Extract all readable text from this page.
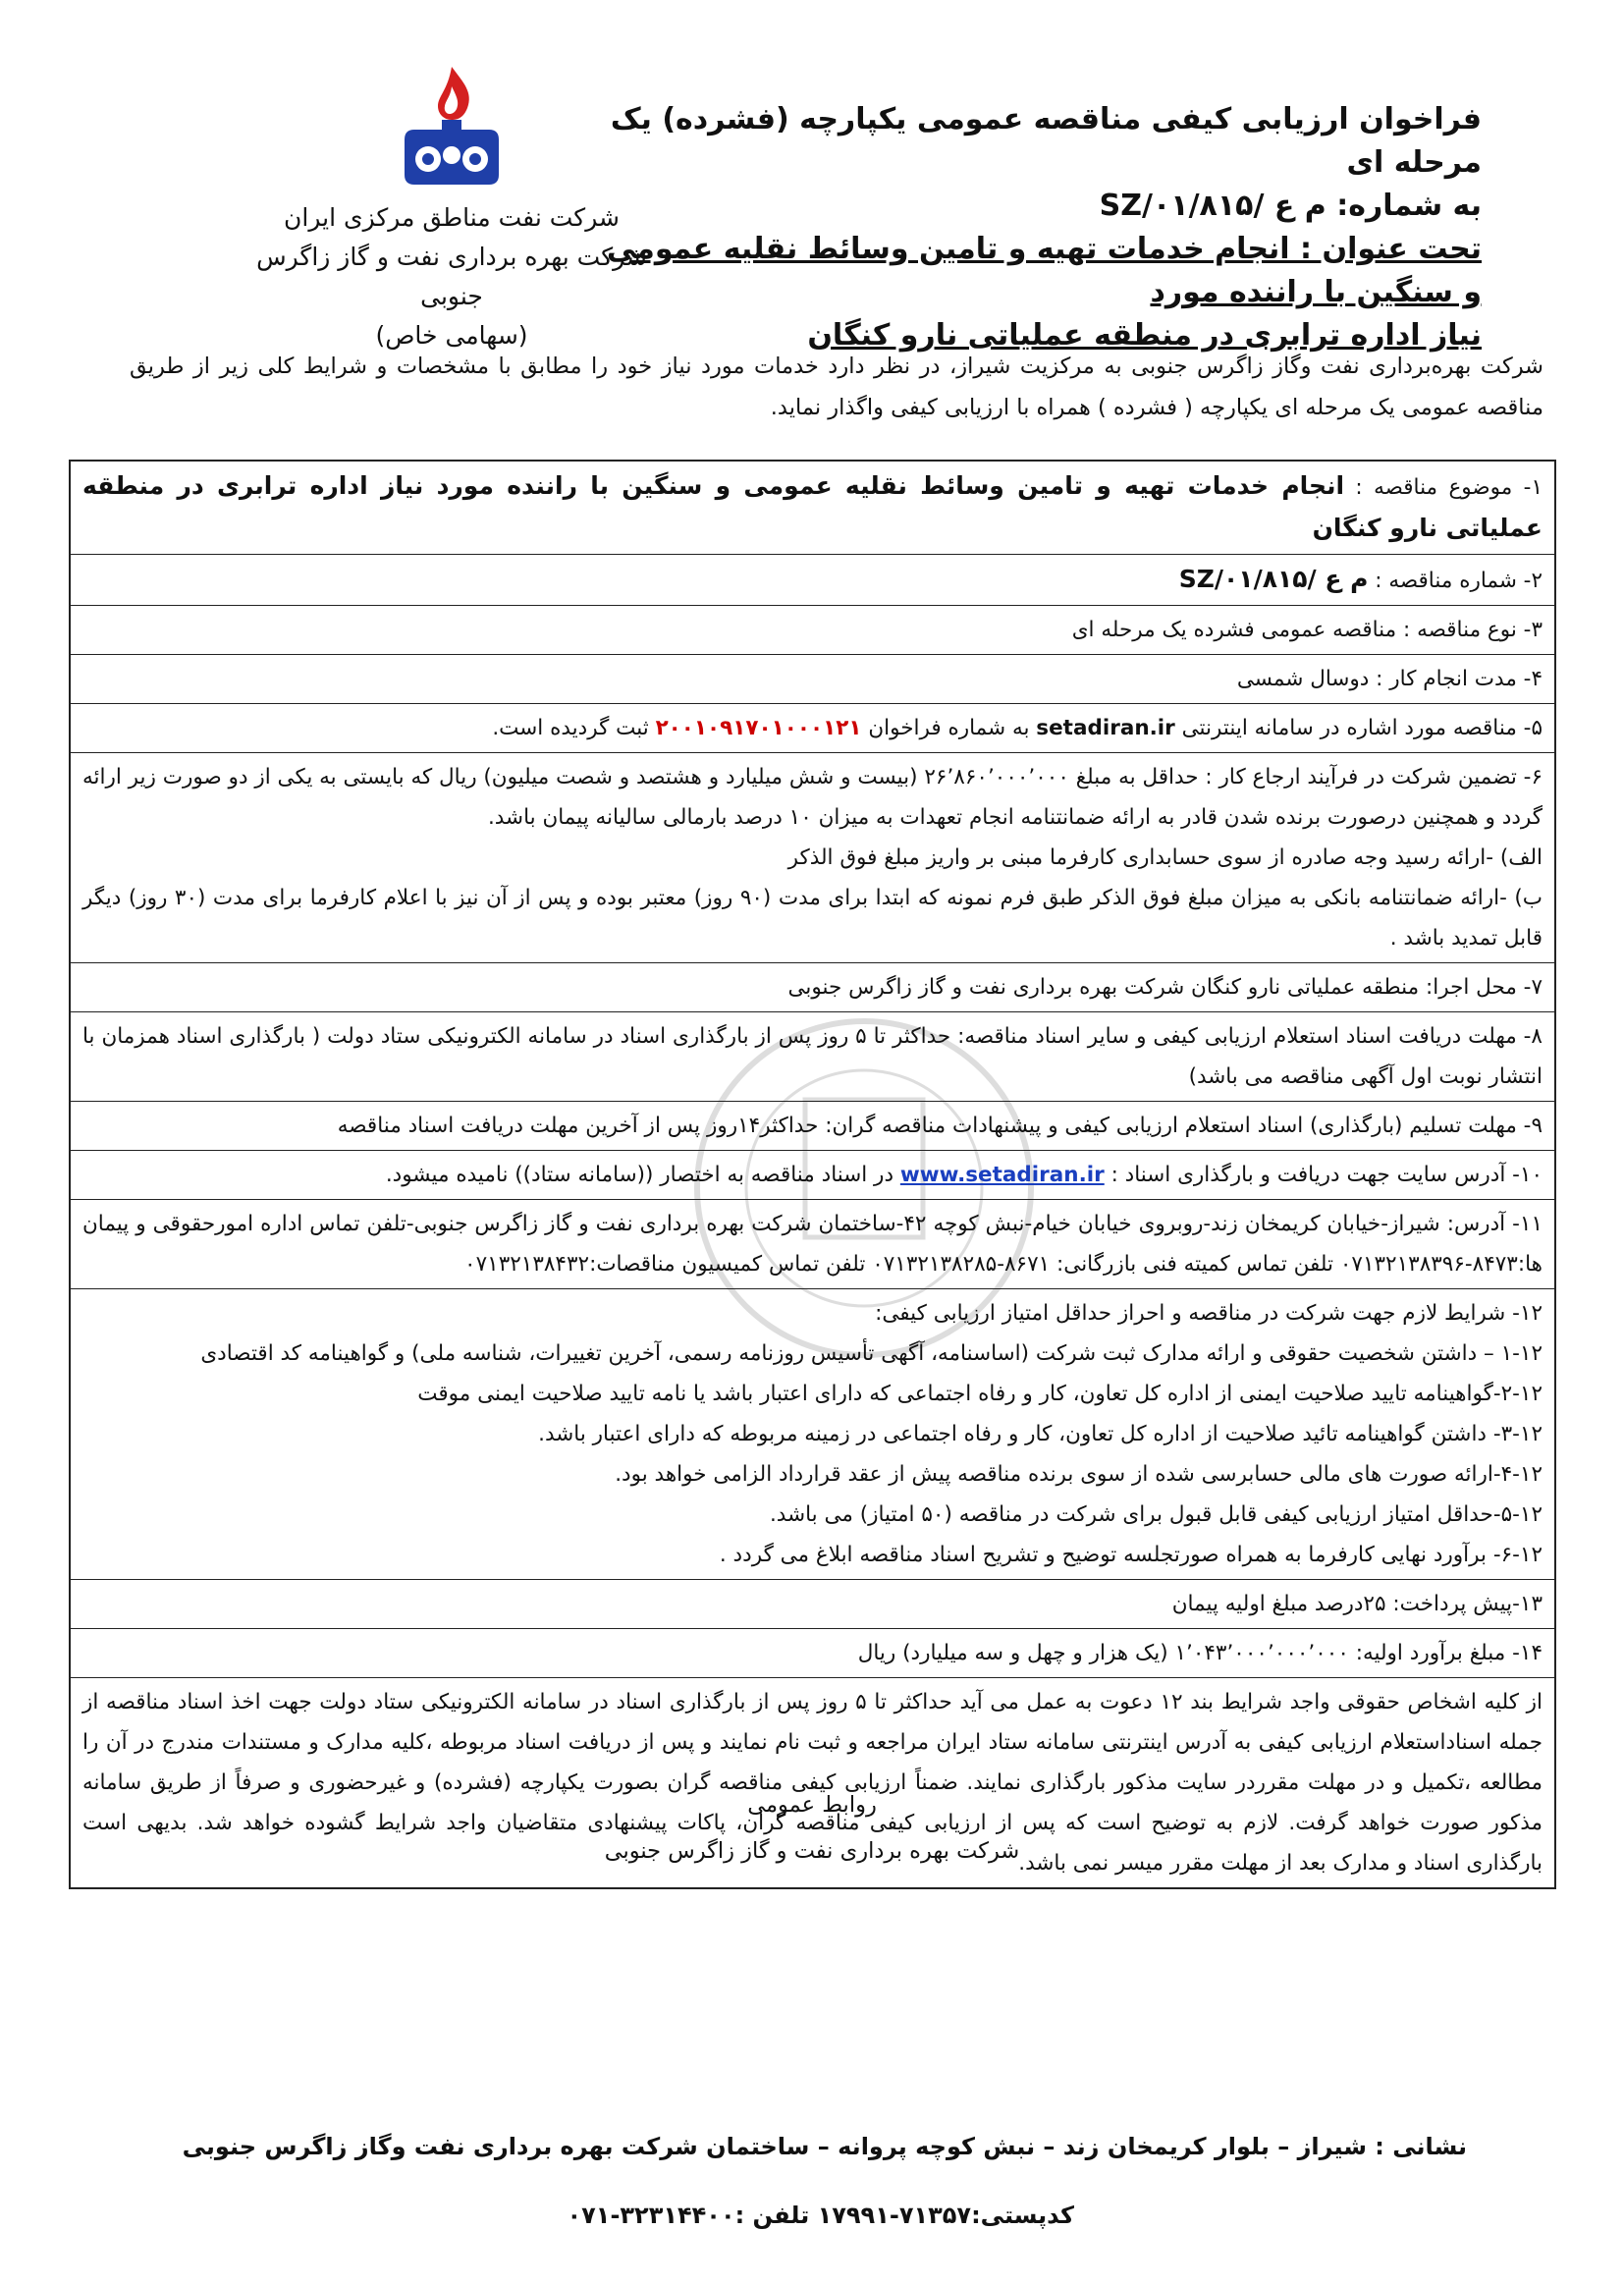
فراخوان ارزیابی کیفی مناقصه عمومی یکپارچه (فشرده) یک مرحله ای
به شماره: م ع /SZ/۰۱/۸۱۵
تحت عنوان : انجام خدمات تهیه و تامین وسائط نقلیه عمومی و سنگین با راننده مورد
نیاز اداره ترابری در منطقه عملیاتی نارو کنگان
شرکت نفت مناطق مرکزی ایران
شرکت بهره برداری نفت و گاز زاگرس جنوبی
(سهامی خاص)
شرکت بهره‌برداری نفت وگاز زاگرس جنوبی به مرکزیت شیراز، در نظر دارد خدمات مورد نیاز خود را مطابق با مشخصات و شرایط کلی زیر از طریق مناقصه عمومی یک مرحله ای یکپارچه ( فشرده ) همراه با ارزیابی کیفی واگذار نماید.
۱- موضوع مناقصه : انجام خدمات تهیه و تامین وسائط نقلیه عمومی و سنگین با راننده مورد نیاز اداره ترابری در منطقه عملیاتی نارو کنگان
۲- شماره مناقصه : م ع /SZ/۰۱/۸۱۵
۳- نوع مناقصه : مناقصه عمومی فشرده یک مرحله ای
۴- مدت انجام کار : دوسال شمسی
۵- مناقصه مورد اشاره در سامانه اینترنتی setadiran.ir به شماره فراخوان ۲۰۰۱۰۹۱۷۰۱۰۰۰۱۲۱ ثبت گردیده است.
۶- تضمین شرکت در فرآیند ارجاع کار : حداقل به مبلغ ۲۶٬۸۶۰٬۰۰۰٬۰۰۰ (بیست و شش میلیارد و هشتصد و شصت میلیون) ریال که بایستی به یکی از دو صورت زیر ارائه گردد و همچنین درصورت برنده شدن قادر به ارائه ضمانتنامه انجام تعهدات به میزان ۱۰ درصد بارمالی سالیانه پیمان باشد.
الف) -ارائه رسید وجه صادره از سوی حسابداری کارفرما مبنی بر واریز مبلغ فوق الذکر
ب) -ارائه ضمانتنامه بانکی به میزان مبلغ فوق الذکر طبق فرم نمونه که ابتدا برای مدت (۹۰ روز) معتبر بوده و پس از آن نیز با اعلام کارفرما برای مدت (۳۰ روز) دیگر قابل تمدید باشد .
۷- محل اجرا: منطقه عملیاتی نارو کنگان شرکت بهره برداری نفت و گاز زاگرس جنوبی
۸- مهلت دریافت اسناد استعلام ارزیابی کیفی و سایر اسناد مناقصه: حداکثر تا ۵ روز پس از بارگذاری اسناد در سامانه الکترونیکی ستاد دولت ( بارگذاری اسناد همزمان با انتشار نوبت اول آگهی مناقصه می باشد)
۹- مهلت تسلیم (بارگذاری) اسناد استعلام ارزیابی کیفی و پیشنهادات مناقصه گران: حداکثر۱۴روز پس از آخرین مهلت دریافت اسناد مناقصه
۱۰- آدرس سایت جهت دریافت و بارگذاری اسناد : www.setadiran.ir در اسناد مناقصه به اختصار ((سامانه ستاد)) نامیده میشود.
۱۱- آدرس: شیراز-خیابان کریمخان زند-روبروی خیابان خیام-نبش کوچه ۴۲-ساختمان شرکت بهره برداری نفت و گاز زاگرس جنوبی-تلفن تماس اداره امورحقوقی و پیمان ها:۸۴۷۳-۰۷۱۳۲۱۳۸۳۹۶ تلفن تماس کمیته فنی بازرگانی: ۸۶۷۱-۰۷۱۳۲۱۳۸۲۸۵ تلفن تماس کمیسیون مناقصات:۰۷۱۳۲۱۳۸۴۳۲
۱۲- شرایط لازم جهت شرکت در مناقصه و احراز حداقل امتیاز ارزیابی کیفی:
۱-۱۲ – داشتن شخصیت حقوقی و ارائه مدارک ثبت شرکت (اساسنامه، آگهی تأسیس روزنامه رسمی، آخرین تغییرات، شناسه ملی) و گواهینامه کد اقتصادی
۲-۱۲-گواهینامه تایید صلاحیت ایمنی از اداره کل تعاون، کار و رفاه اجتماعی که دارای اعتبار باشد یا نامه تایید صلاحیت ایمنی موقت
۳-۱۲- داشتن گواهینامه تائید صلاحیت از اداره کل تعاون، کار و رفاه اجتماعی در زمینه مربوطه که دارای اعتبار باشد.
۴-۱۲-ارائه صورت های مالی حسابرسی شده از سوی برنده مناقصه پیش از عقد قرارداد الزامی خواهد بود.
۵-۱۲-حداقل امتیاز ارزیابی کیفی قابل قبول برای شرکت در مناقصه (۵۰ امتیاز) می باشد.
۶-۱۲- برآورد نهایی کارفرما به همراه صورتجلسه توضیح و تشریح اسناد مناقصه ابلاغ می گردد .
۱۳-پیش پرداخت: ۲۵درصد مبلغ اولیه پیمان
۱۴- مبلغ برآورد اولیه: ۱٬۰۴۳٬۰۰۰٬۰۰۰٬۰۰۰ (یک هزار و چهل و سه میلیارد) ریال
از کلیه اشخاص حقوقی واجد شرایط بند ۱۲ دعوت به عمل می آید حداکثر تا ۵ روز پس از بارگذاری اسناد در سامانه الکترونیکی ستاد دولت جهت اخذ اسناد مناقصه از جمله اسناداستعلام ارزیابی کیفی به آدرس اینترنتی سامانه ستاد ایران مراجعه و ثبت نام نمایند و پس از دریافت اسناد مربوطه ،کلیه مدارک و مستندات مندرج در آن را مطالعه ،تکمیل و در مهلت مقرردر سایت مذکور بارگذاری نمایند. ضمناً ارزیابی کیفی مناقصه گران بصورت یکپارچه (فشرده) و غیرحضوری و صرفاً از طریق سامانه مذکور صورت خواهد گرفت. لازم به توضیح است که پس از ارزیابی کیفی مناقصه گران، پاکات پیشنهادی متقاضیان واجد شرایط گشوده خواهد شد. بدیهی است بارگذاری اسناد و مدارک بعد از مهلت مقرر میسر نمی باشد.
روابط عمومی
شرکت بهره برداری نفت و گاز زاگرس جنوبی
نشانی : شیراز – بلوار کریمخان زند – نبش کوچه پروانه – ساختمان شرکت بهره برداری نفت وگاز زاگرس جنوبی
کدپستی:۷۱۳۵۷-۱۷۹۹۱ تلفن :۳۲۳۱۴۴۰۰-۰۷۱
